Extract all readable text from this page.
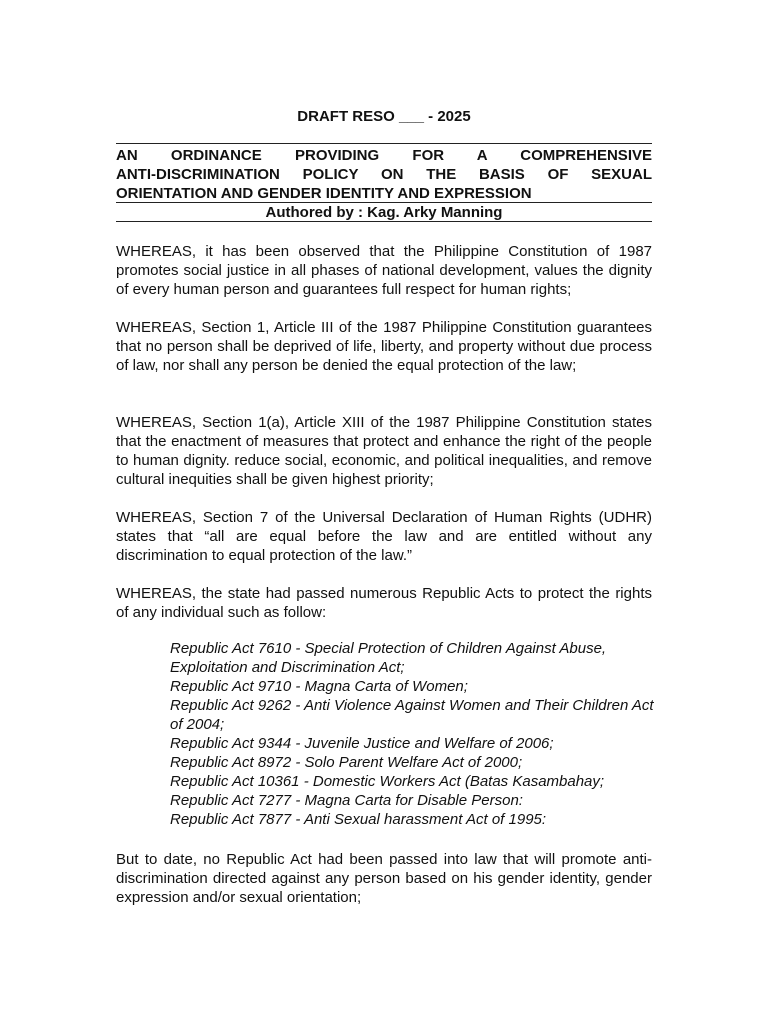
DRAFT RESO ___ - 2025
AN ORDINANCE PROVIDING FOR A COMPREHENSIVE
ANTI-DISCRIMINATION POLICY ON THE BASIS OF SEXUAL
ORIENTATION AND GENDER IDENTITY AND EXPRESSION
Authored by : Kag. Arky Manning

WHEREAS, it has been observed that the Philippine Constitution of 1987 promotes social justice in all phases of national development, values the dignity of every human person and guarantees full respect for human rights;

WHEREAS, Section 1, Article III of the 1987 Philippine Constitution guarantees that no person shall be deprived of life, liberty, and property without due process of law, nor shall any person be denied the equal protection of the law;

WHEREAS, Section 1(a), Article XIII of the 1987 Philippine Constitution states that the enactment of measures that protect and enhance the right of the people to human dignity. reduce social, economic, and political inequalities, and remove cultural inequities shall be given highest priority;

WHEREAS, Section 7 of the Universal Declaration of Human Rights (UDHR) states that “all are equal before the law and are entitled without any discrimination to equal protection of the law.”

WHEREAS, the state had passed numerous Republic Acts to protect the rights of any individual such as follow:

Republic Act 7610 - Special Protection of Children Against Abuse, Exploitation and Discrimination Act;
Republic Act 9710 - Magna Carta of Women;
Republic Act 9262 - Anti Violence Against Women and Their Children Act of 2004;
Republic Act 9344 - Juvenile Justice and Welfare of 2006;
Republic Act 8972 - Solo Parent Welfare Act of 2000;
Republic Act 10361 - Domestic Workers Act (Batas Kasambahay;
Republic Act 7277 - Magna Carta for Disable Person:
Republic Act 7877 - Anti Sexual harassment Act of 1995:

But to date, no Republic Act had been passed into law that will promote anti-discrimination directed against any person based on his gender identity, gender expression and/or sexual orientation;
